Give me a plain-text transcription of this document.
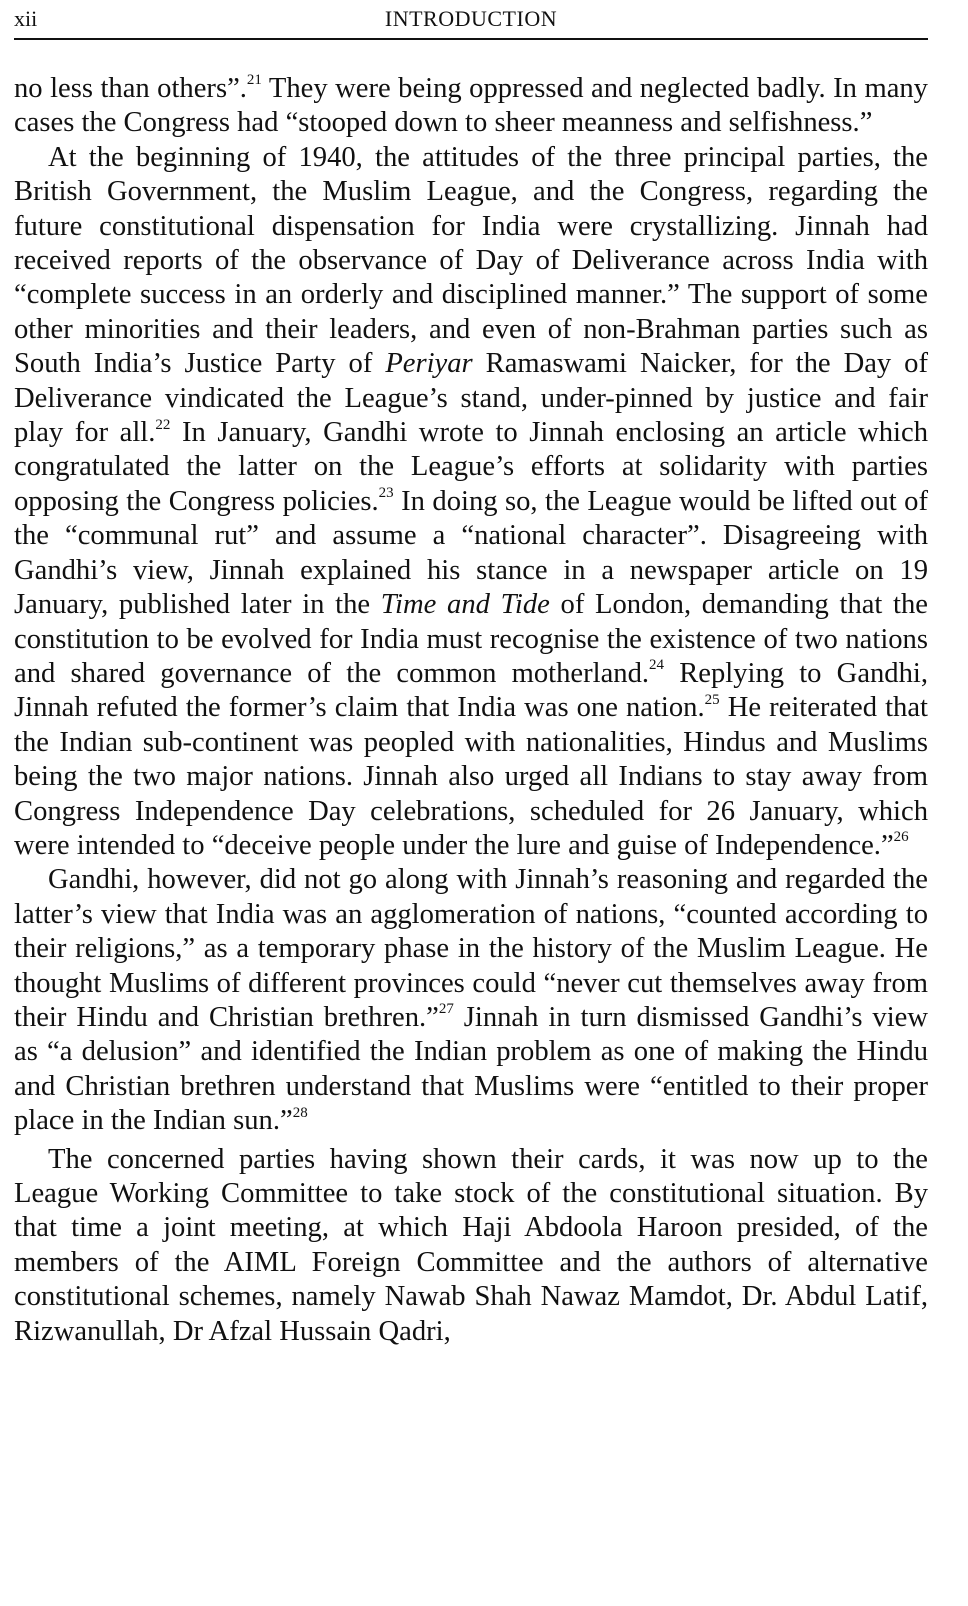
xii	INTRODUCTION

no less than others”.$^{21}$ They were being oppressed and neglected badly. In many cases the Congress had “stooped down to sheer meanness and selfishness.”

At the beginning of 1940, the attitudes of the three principal parties, the British Government, the Muslim League, and the Congress, regarding the future constitutional dispensation for India were crystallizing. Jinnah had received reports of the observance of Day of Deliverance across India with “complete success in an orderly and disciplined manner.” The support of some other minorities and their leaders, and even of non-Brahman parties such as South India’s Justice Party of Periyar Ramaswami Naicker, for the Day of Deliverance vindicated the League’s stand, under-pinned by justice and fair play for all.$^{22}$ In January, Gandhi wrote to Jinnah enclosing an article which congratulated the latter on the League’s efforts at solidarity with parties opposing the Congress policies.$^{23}$ In doing so, the League would be lifted out of the “communal rut” and assume a “national character”. Disagreeing with Gandhi’s view, Jinnah explained his stance in a newspaper article on 19 January, published later in the Time and Tide of London, demanding that the constitution to be evolved for India must recognise the existence of two nations and shared governance of the common motherland.$^{24}$ Replying to Gandhi, Jinnah refuted the former’s claim that India was one nation.$^{25}$ He reiterated that the Indian sub-continent was peopled with nationalities, Hindus and Muslims being the two major nations. Jinnah also urged all Indians to stay away from Congress Independence Day celebrations, scheduled for 26 January, which were intended to “deceive people under the lure and guise of Independence.”$^{26}$

Gandhi, however, did not go along with Jinnah’s reasoning and regarded the latter’s view that India was an agglomeration of nations, “counted according to their religions,” as a temporary phase in the history of the Muslim League. He thought Muslims of different provinces could “never cut themselves away from their Hindu and Christian brethren.”$^{27}$ Jinnah in turn dismissed Gandhi’s view as “a delusion” and identified the Indian problem as one of making the Hindu and Christian brethren understand that Muslims were “entitled to their proper place in the Indian sun.”$^{28}$

The concerned parties having shown their cards, it was now up to the League Working Committee to take stock of the constitutional situation. By that time a joint meeting, at which Haji Abdoola Haroon presided, of the members of the AIML Foreign Committee and the authors of alternative constitutional schemes, namely Nawab Shah Nawaz Mamdot, Dr. Abdul Latif, Rizwanullah, Dr Afzal Hussain Qadri,
